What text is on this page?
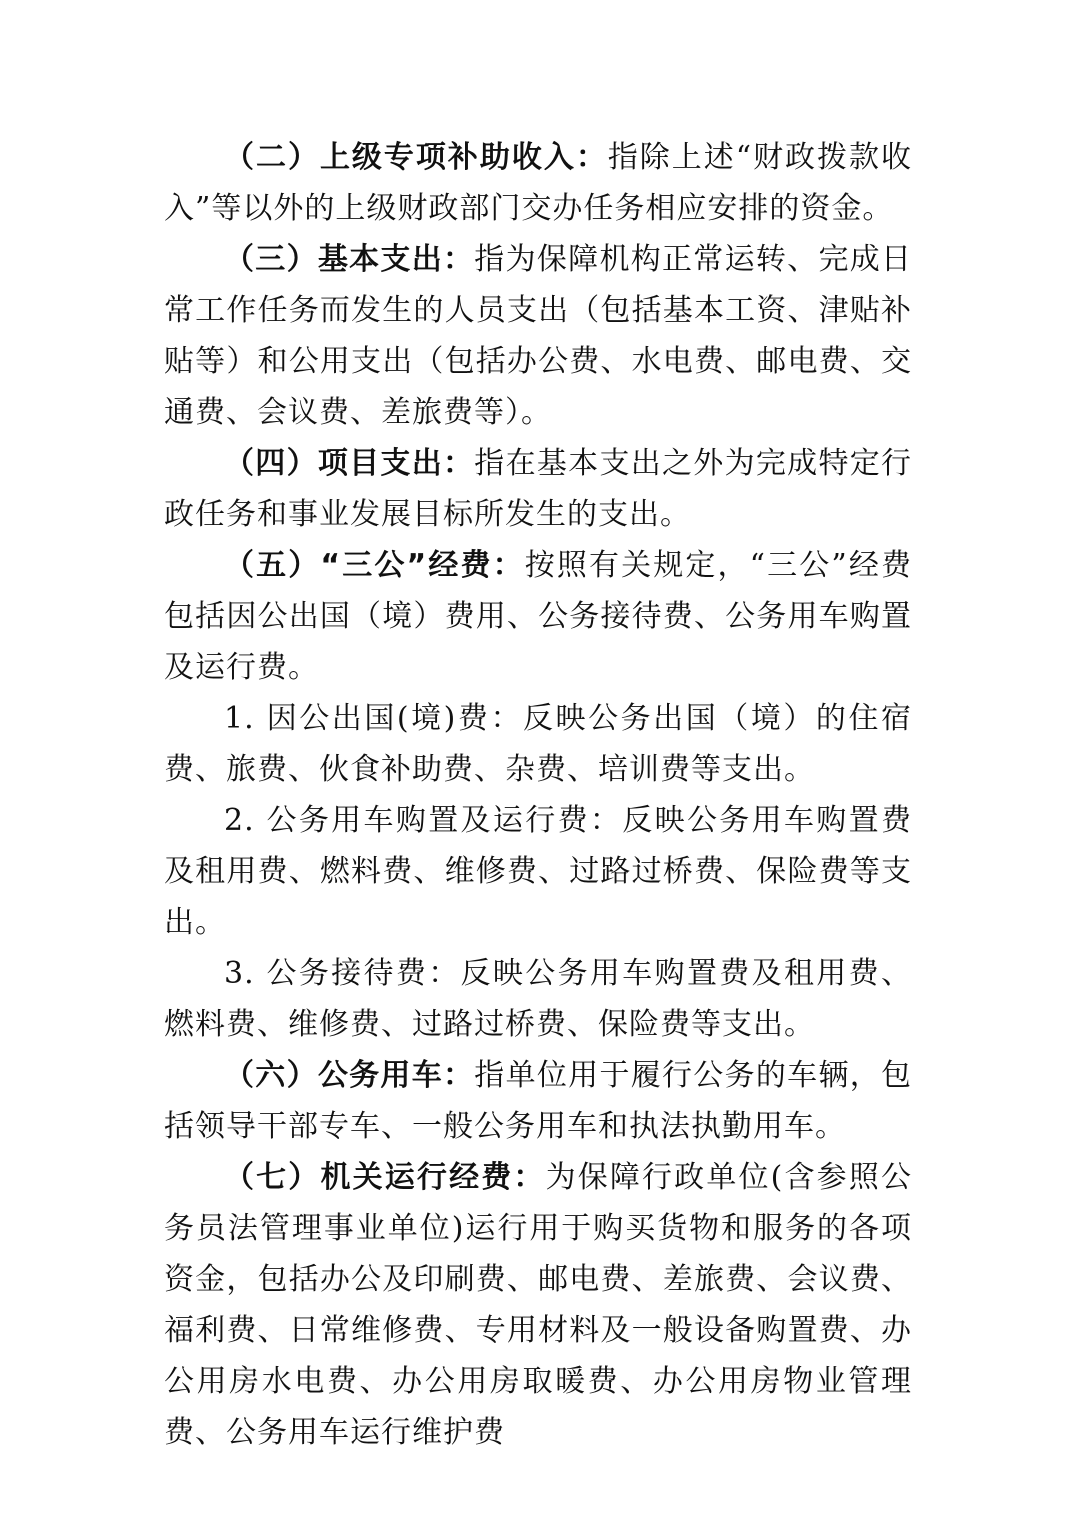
（二）上级专项补助收入：指除上述“财政拨款收入”等以外的上级财政部门交办任务相应安排的资金。

（三）基本支出：指为保障机构正常运转、完成日常工作任务而发生的人员支出（包括基本工资、津贴补贴等）和公用支出（包括办公费、水电费、邮电费、交通费、会议费、差旅费等）。

（四）项目支出：指在基本支出之外为完成特定行政任务和事业发展目标所发生的支出。

（五）“三公”经费：按照有关规定，“三公”经费包括因公出国（境）费用、公务接待费、公务用车购置及运行费。

1. 因公出国(境)费：反映公务出国（境）的住宿费、旅费、伙食补助费、杂费、培训费等支出。

2. 公务用车购置及运行费：反映公务用车购置费及租用费、燃料费、维修费、过路过桥费、保险费等支出。

3. 公务接待费：反映公务用车购置费及租用费、燃料费、维修费、过路过桥费、保险费等支出。

（六）公务用车：指单位用于履行公务的车辆，包括领导干部专车、一般公务用车和执法执勤用车。

（七）机关运行经费：为保障行政单位(含参照公务员法管理事业单位)运行用于购买货物和服务的各项资金，包括办公及印刷费、邮电费、差旅费、会议费、福利费、日常维修费、专用材料及一般设备购置费、办公用房水电费、办公用房取暖费、办公用房物业管理费、公务用车运行维护费
